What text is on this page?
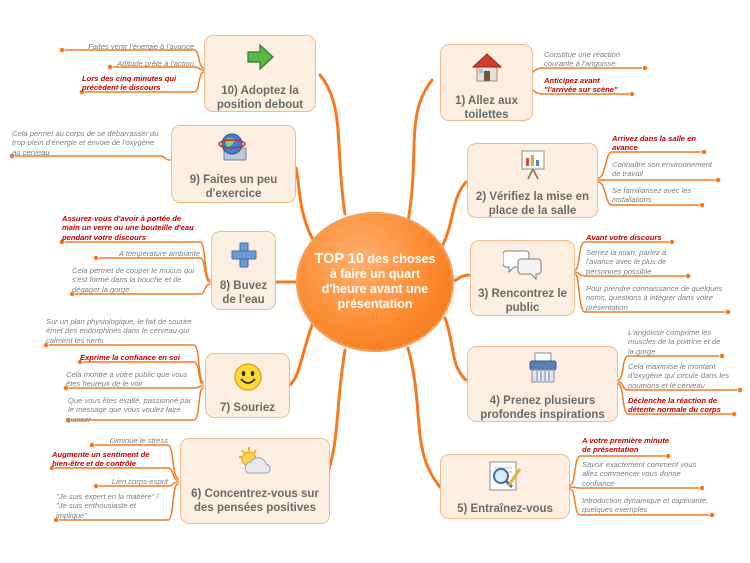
TOP 10 des choses à faire un quart d'heure avant une présentation
1) Allez aux toilettes
Constitue une réaction courante à l'angoisse
Anticipez avant "l'arrivée sur scène"
2) Vérifiez la mise en place de la salle
Arrivez dans la salle en avance
Connaître son environnement de travail
Se familiarisez avec les installations
3) Rencontrez le public
Avant votre discours
Serrez la main, parlez à l'avance avec le plus de personnes possible
Pour prendre connaissance de quelques noms, questions à intégrer dans votre présentation
4) Prenez plusieurs profondes inspirations
L'angoisse comprime les muscles de la poitrine et de la gorge
Cela maximise le montant d'oxygène qui circule dans les poumons et le cerveau
Déclenche la réaction de détente normale du corps
5) Entraînez-vous
A votre première minute de présentation
Savoir exactement comment vous allez commencer vous donne confiance
Introduction dynamique et captivante, quelques exemples
6) Concentrez-vous sur des pensées positives
Diminue le stress
Augmente un sentiment de bien-être et de contrôle
Lien corps-esprit
"Je suis expert en la matière" / "Je suis enthousiaste et impliqué"
7) Souriez
Sur un plan physiologique, le fait de sourire émet des endorphines dans le cerveau qui calment les nerfs
Exprime la confiance en soi
Cela montre à votre public que vous êtes heureux de le voir
Que vous êtes exalté, passionné par le message que vous voulez faire passer
8) Buvez de l'eau
Assurez-vous d'avoir à portée de main un verre ou une bouteille d'eau pendant votre discours
A température ambiante
Cela permet de couper le mucus qui s'est formé dans la bouche et de dégager la gorge
9) Faites un peu d'exercice
Cela permet au corps de se débarrasser du trop-plein d'énergie et envoie de l'oxygène au cerveau
10) Adoptez la position debout
Faites venir l'énergie à l'avance
Attitude prête à l'action
Lors des cinq minutes qui précèdent le discours
